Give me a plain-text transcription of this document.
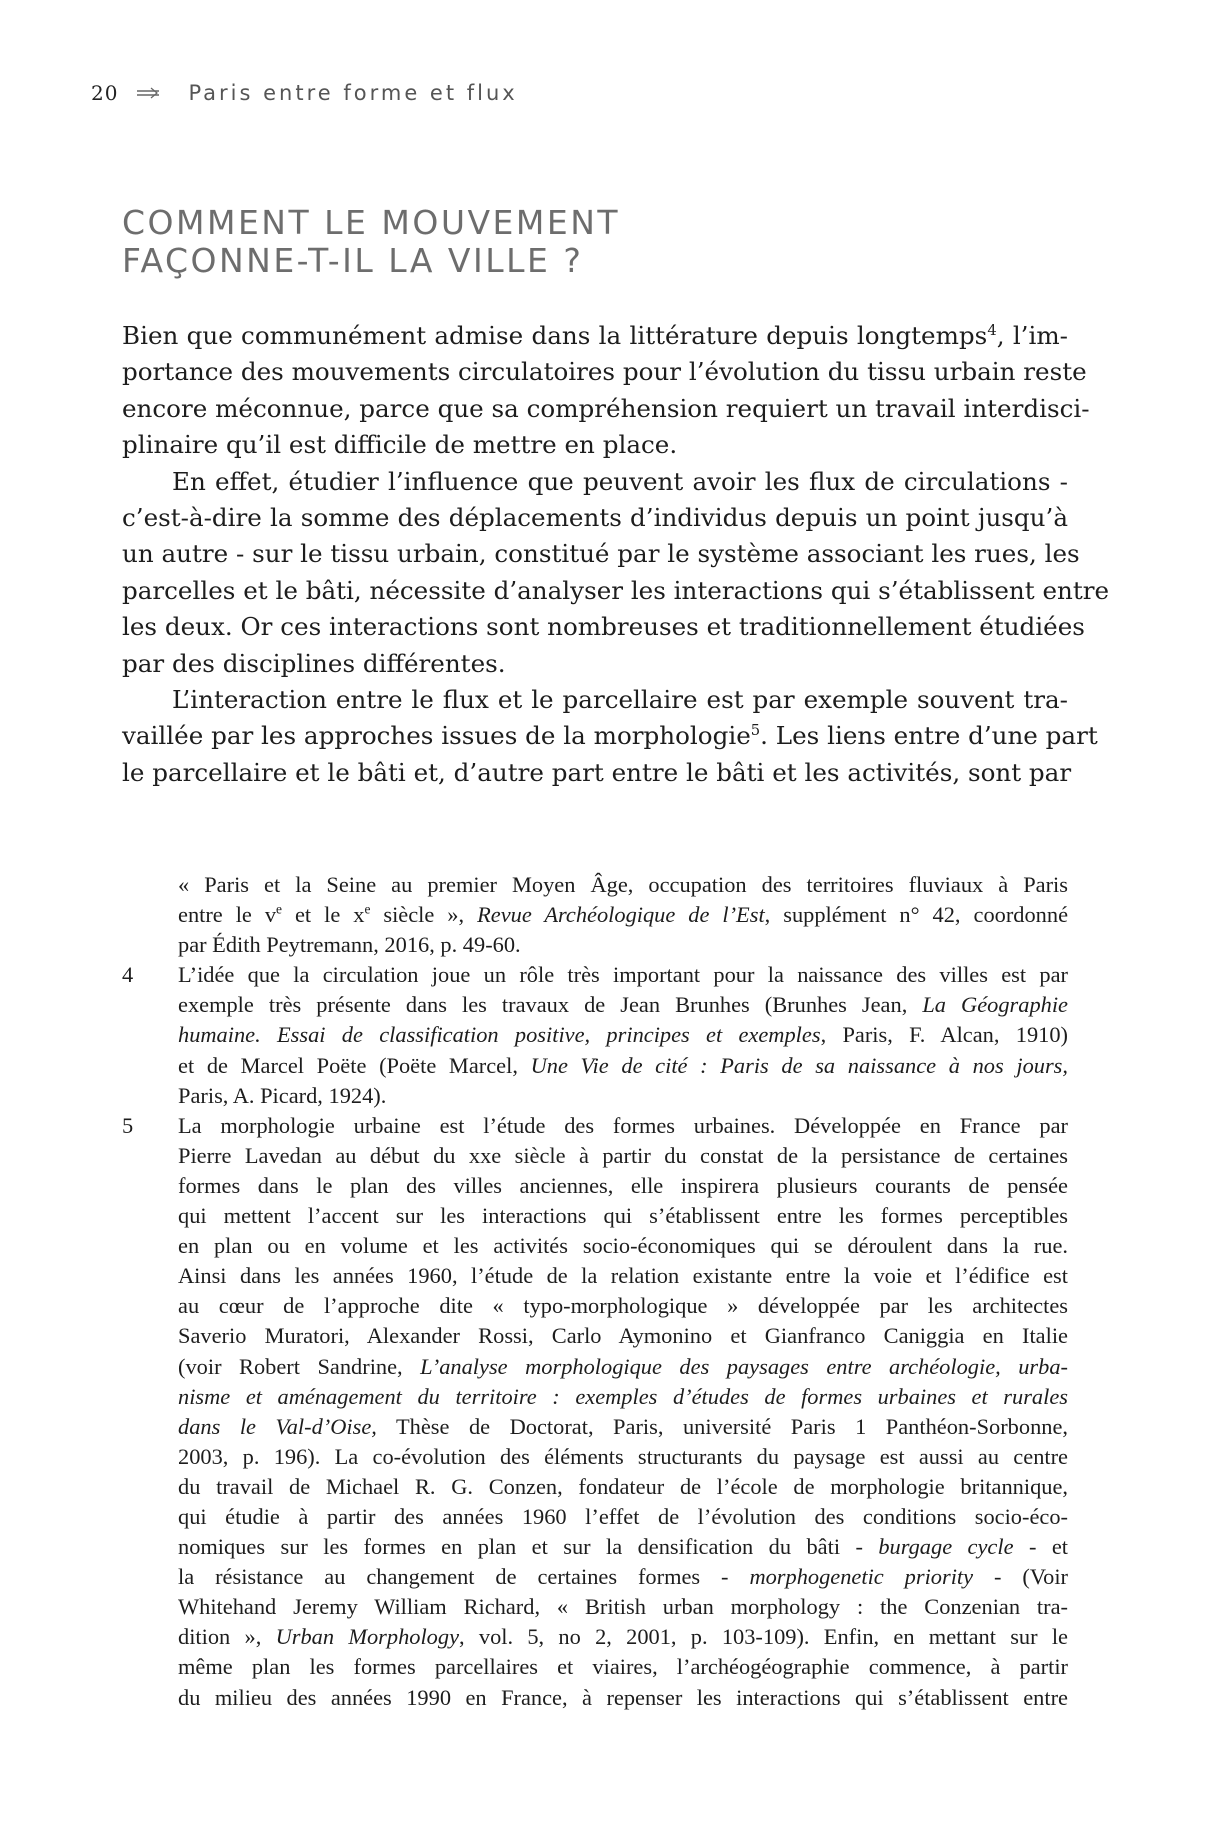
20	Paris entre forme et flux
COMMENT LE MOUVEMENT
FAÇONNE-T-IL LA VILLE ?
Bien que communément admise dans la littérature depuis longtemps$^4$, l’im-
portance des mouvements circulatoires pour l’évolution du tissu urbain reste
encore méconnue, parce que sa compréhension requiert un travail interdisci-
plinaire qu’il est difficile de mettre en place.
En effet, étudier l’influence que peuvent avoir les flux de circulations -
c’est-à-dire la somme des déplacements d’individus depuis un point jusqu’à
un autre - sur le tissu urbain, constitué par le système associant les rues, les
parcelles et le bâti, nécessite d’analyser les interactions qui s’établissent entre
les deux. Or ces interactions sont nombreuses et traditionnellement étudiées
par des disciplines différentes.
L’interaction entre le flux et le parcellaire est par exemple souvent tra-
vaillée par les approches issues de la morphologie$^5$. Les liens entre d’une part
le parcellaire et le bâti et, d’autre part entre le bâti et les activités, sont par
« Paris et la Seine au premier Moyen Âge, occupation des territoires fluviaux à Paris
entre le $v^e$ et le $x^e$ siècle », Revue Archéologique de l’Est, supplément n° 42, coordonné
par Édith Peytremann, 2016, p. 49-60.
4 L’idée que la circulation joue un rôle très important pour la naissance des villes est par
exemple très présente dans les travaux de Jean Brunhes (Brunhes Jean, La Géographie
humaine. Essai de classification positive, principes et exemples, Paris, F. Alcan, 1910)
et de Marcel Poëte (Poëte Marcel, Une Vie de cité : Paris de sa naissance à nos jours,
Paris, A. Picard, 1924).
5 La morphologie urbaine est l’étude des formes urbaines. Développée en France par
Pierre Lavedan au début du xxe siècle à partir du constat de la persistance de certaines
formes dans le plan des villes anciennes, elle inspirera plusieurs courants de pensée
qui mettent l’accent sur les interactions qui s’établissent entre les formes perceptibles
en plan ou en volume et les activités socio-économiques qui se déroulent dans la rue.
Ainsi dans les années 1960, l’étude de la relation existante entre la voie et l’édifice est
au cœur de l’approche dite « typo-morphologique » développée par les architectes
Saverio Muratori, Alexander Rossi, Carlo Aymonino et Gianfranco Caniggia en Italie
(voir Robert Sandrine, L’analyse morphologique des paysages entre archéologie, urba-
nisme et aménagement du territoire : exemples d’études de formes urbaines et rurales
dans le Val-d’Oise, Thèse de Doctorat, Paris, université Paris 1 Panthéon-Sorbonne,
2003, p. 196). La co-évolution des éléments structurants du paysage est aussi au centre
du travail de Michael R. G. Conzen, fondateur de l’école de morphologie britannique,
qui étudie à partir des années 1960 l’effet de l’évolution des conditions socio-éco-
nomiques sur les formes en plan et sur la densification du bâti - burgage cycle - et
la résistance au changement de certaines formes - morphogenetic priority - (Voir
Whitehand Jeremy William Richard, « British urban morphology : the Conzenian tra-
dition », Urban Morphology, vol. 5, no 2, 2001, p. 103-109). Enfin, en mettant sur le
même plan les formes parcellaires et viaires, l’archéogéographie commence, à partir
du milieu des années 1990 en France, à repenser les interactions qui s’établissent entre
